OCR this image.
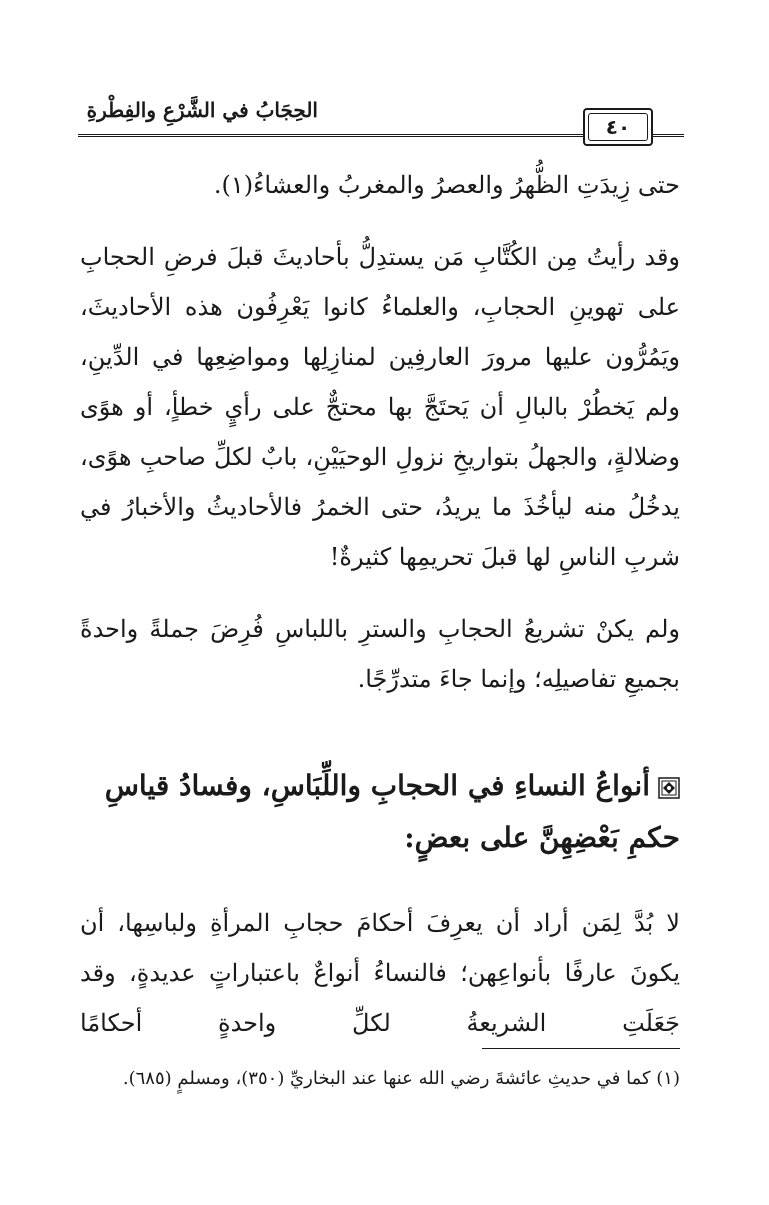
الحِجَابُ في الشَّرْعِ والفِطْرةِ
٤٠

حتى زِيدَتِ الظُّهرُ والعصرُ والمغربُ والعشاءُ(١).

وقد رأيتُ مِن الكُتَّابِ مَن يستدِلُّ بأحاديثَ قبلَ فرضِ الحجابِ على تهوينِ الحجابِ، والعلماءُ كانوا يَعْرِفُون هذه الأحاديثَ، ويَمُرُّون عليها مرورَ العارفِين لمنازِلِها ومواضِعِها في الدِّينِ، ولم يَخطُرْ بالبالِ أن يَحتَجَّ بها محتجٌّ على رأيٍ خطأٍ، أو هوًى وضلالةٍ، والجهلُ بتواريخِ نزولِ الوحيَيْنِ، بابٌ لكلِّ صاحبِ هوًى، يدخُلُ منه ليأخُذَ ما يريدُ، حتى الخمرُ فالأحاديثُ والأخبارُ في شربِ الناسِ لها قبلَ تحريمِها كثيرةٌ!

ولم يكنْ تشريعُ الحجابِ والسترِ باللباسِ فُرِضَ جملةً واحدةً بجميعِ تفاصيلِه؛ وإنما جاءَ متدرِّجًا.

أنواعُ النساءِ في الحجابِ واللِّبَاسِ، وفسادُ قياسِ حكمِ بَعْضِهِنَّ على بعضٍ:
لا بُدَّ لِمَن أراد أن يعرِفَ أحكامَ حجابِ المرأةِ ولباسِها، أن يكونَ عارفًا بأنواعِهن؛ فالنساءُ أنواعٌ باعتباراتٍ عديدةٍ، وقد جَعَلَتِ الشريعةُ لكلِّ واحدةٍ أحكامًا
(١) كما في حديثِ عائشةَ رضي الله عنها عند البخاريِّ (٣٥٠)، ومسلمٍ (٦٨٥).
